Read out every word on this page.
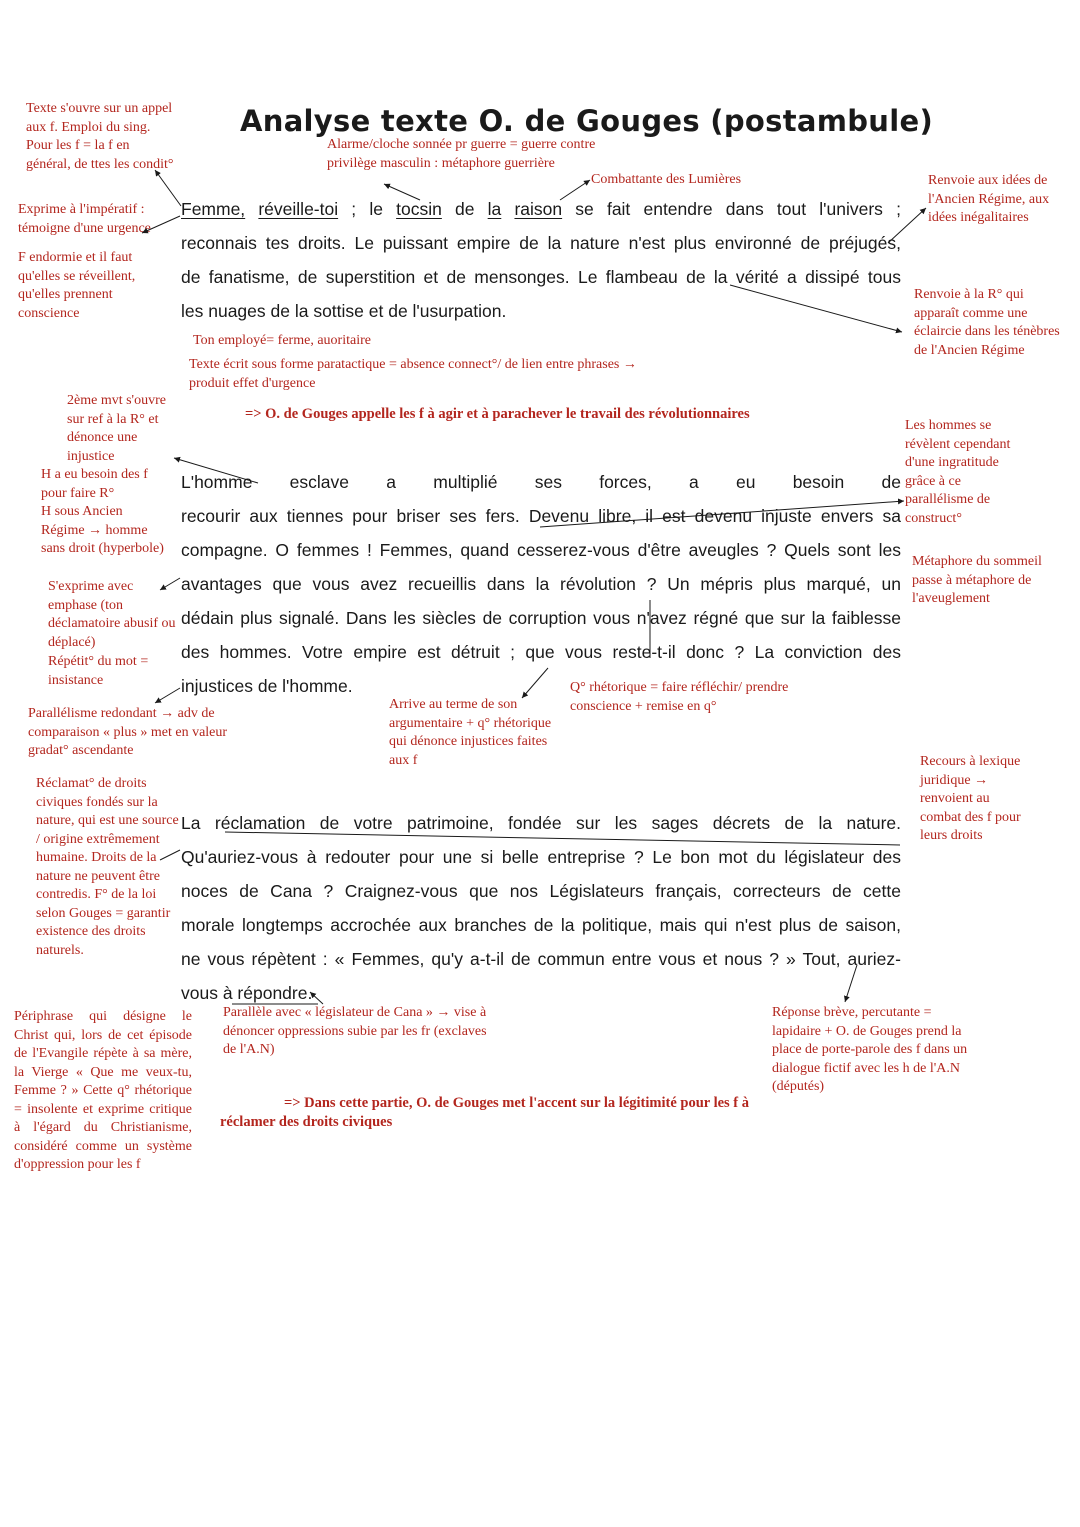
Analyse texte O. de Gouges (postambule)
Texte s'ouvre sur un appel aux f. Emploi du sing. Pour les f = la f en général, de ttes les condit°
Exprime à l'impératif : témoigne d'une urgence
F endormie et il faut qu'elles se réveillent, qu'elles prennent conscience
Alarme/cloche sonnée pr guerre = guerre contre privilège masculin : métaphore guerrière
Combattante des Lumières	Renvoie aux idées de l'Ancien Régime, aux idées inégalitaires
Renvoie à la R° qui apparaît comme une éclaircie dans les ténèbres de l'Ancien Régime
Femme, réveille-toi ; le tocsin de la raison se fait entendre dans tout l'univers ;
reconnais tes droits. Le puissant empire de la nature n'est plus environné de préjugés,
de fanatisme, de superstition et de mensonges. Le flambeau de la vérité a dissipé tous
les nuages de la sottise et de l'usurpation.
Ton employé= ferme, auoritaire
Texte écrit sous forme paratactique = absence connect°/ de lien entre phrases → produit effet d'urgence
=> O. de Gouges appelle les f à agir et à parachever le travail des révolutionnaires
2ème mvt s'ouvre sur ref à la R° et dénonce une injustice
H a eu besoin des f pour faire R°
H sous Ancien Régime → homme sans droit (hyperbole)
S'exprime avec emphase (ton déclamatoire abusif ou déplacé)
Répétit° du mot = insistance
Parallélisme redondant → adv de comparaison « plus » met en valeur gradat° ascendante
Les hommes se révèlent cependant d'une ingratitude grâce à ce parallélisme de construct°
Métaphore du sommeil passe à métaphore de l'aveuglement
L'homme esclave a multiplié ses forces, a eu besoin de
recourir aux tiennes pour briser ses fers. Devenu libre, il est devenu injuste envers sa
compagne. O femmes ! Femmes, quand cesserez-vous d'être aveugles ? Quels sont les
avantages que vous avez recueillis dans la révolution ? Un mépris plus marqué, un
dédain plus signalé. Dans les siècles de corruption vous n'avez régné que sur la faiblesse
des hommes. Votre empire est détruit ; que vous reste-t-il donc ? La conviction des
injustices de l'homme.
Arrive au terme de son argumentaire + q° rhétorique qui dénonce injustices faites aux f
Q° rhétorique = faire réfléchir/ prendre conscience + remise en q°
Réclamat° de droits civiques fondés sur la nature, qui est une source / origine extrêmement humaine. Droits de la nature ne peuvent être contredis. F° de la loi selon Gouges = garantir existence des droits naturels.
Recours à lexique juridique → renvoient au combat des f pour leurs droits
La réclamation de votre patrimoine, fondée sur les sages décrets de la nature.
Qu'auriez-vous à redouter pour une si belle entreprise ? Le bon mot du législateur des
noces de Cana ? Craignez-vous que nos Législateurs français, correcteurs de cette
morale longtemps accrochée aux branches de la politique, mais qui n'est plus de saison,
ne vous répètent : « Femmes, qu'y a-t-il de commun entre vous et nous ? » Tout, auriez-
vous à répondre.
Périphrase qui désigne le Christ qui, lors de cet épisode de l'Evangile répète à sa mère, la Vierge « Que me veux-tu, Femme ? » Cette q° rhétorique = insolente et exprime critique à l'égard du Christianisme, considéré comme un système d'oppression pour les f
Parallèle avec « législateur de Cana » → vise à dénoncer oppressions subie par les fr (exclaves de l'A.N)
Réponse brève, percutante = lapidaire + O. de Gouges prend la place de porte-parole des f dans un dialogue fictif avec les h de l'A.N (députés)
=> Dans cette partie, O. de Gouges met l'accent sur la légitimité pour les f à réclamer des droits civiques
